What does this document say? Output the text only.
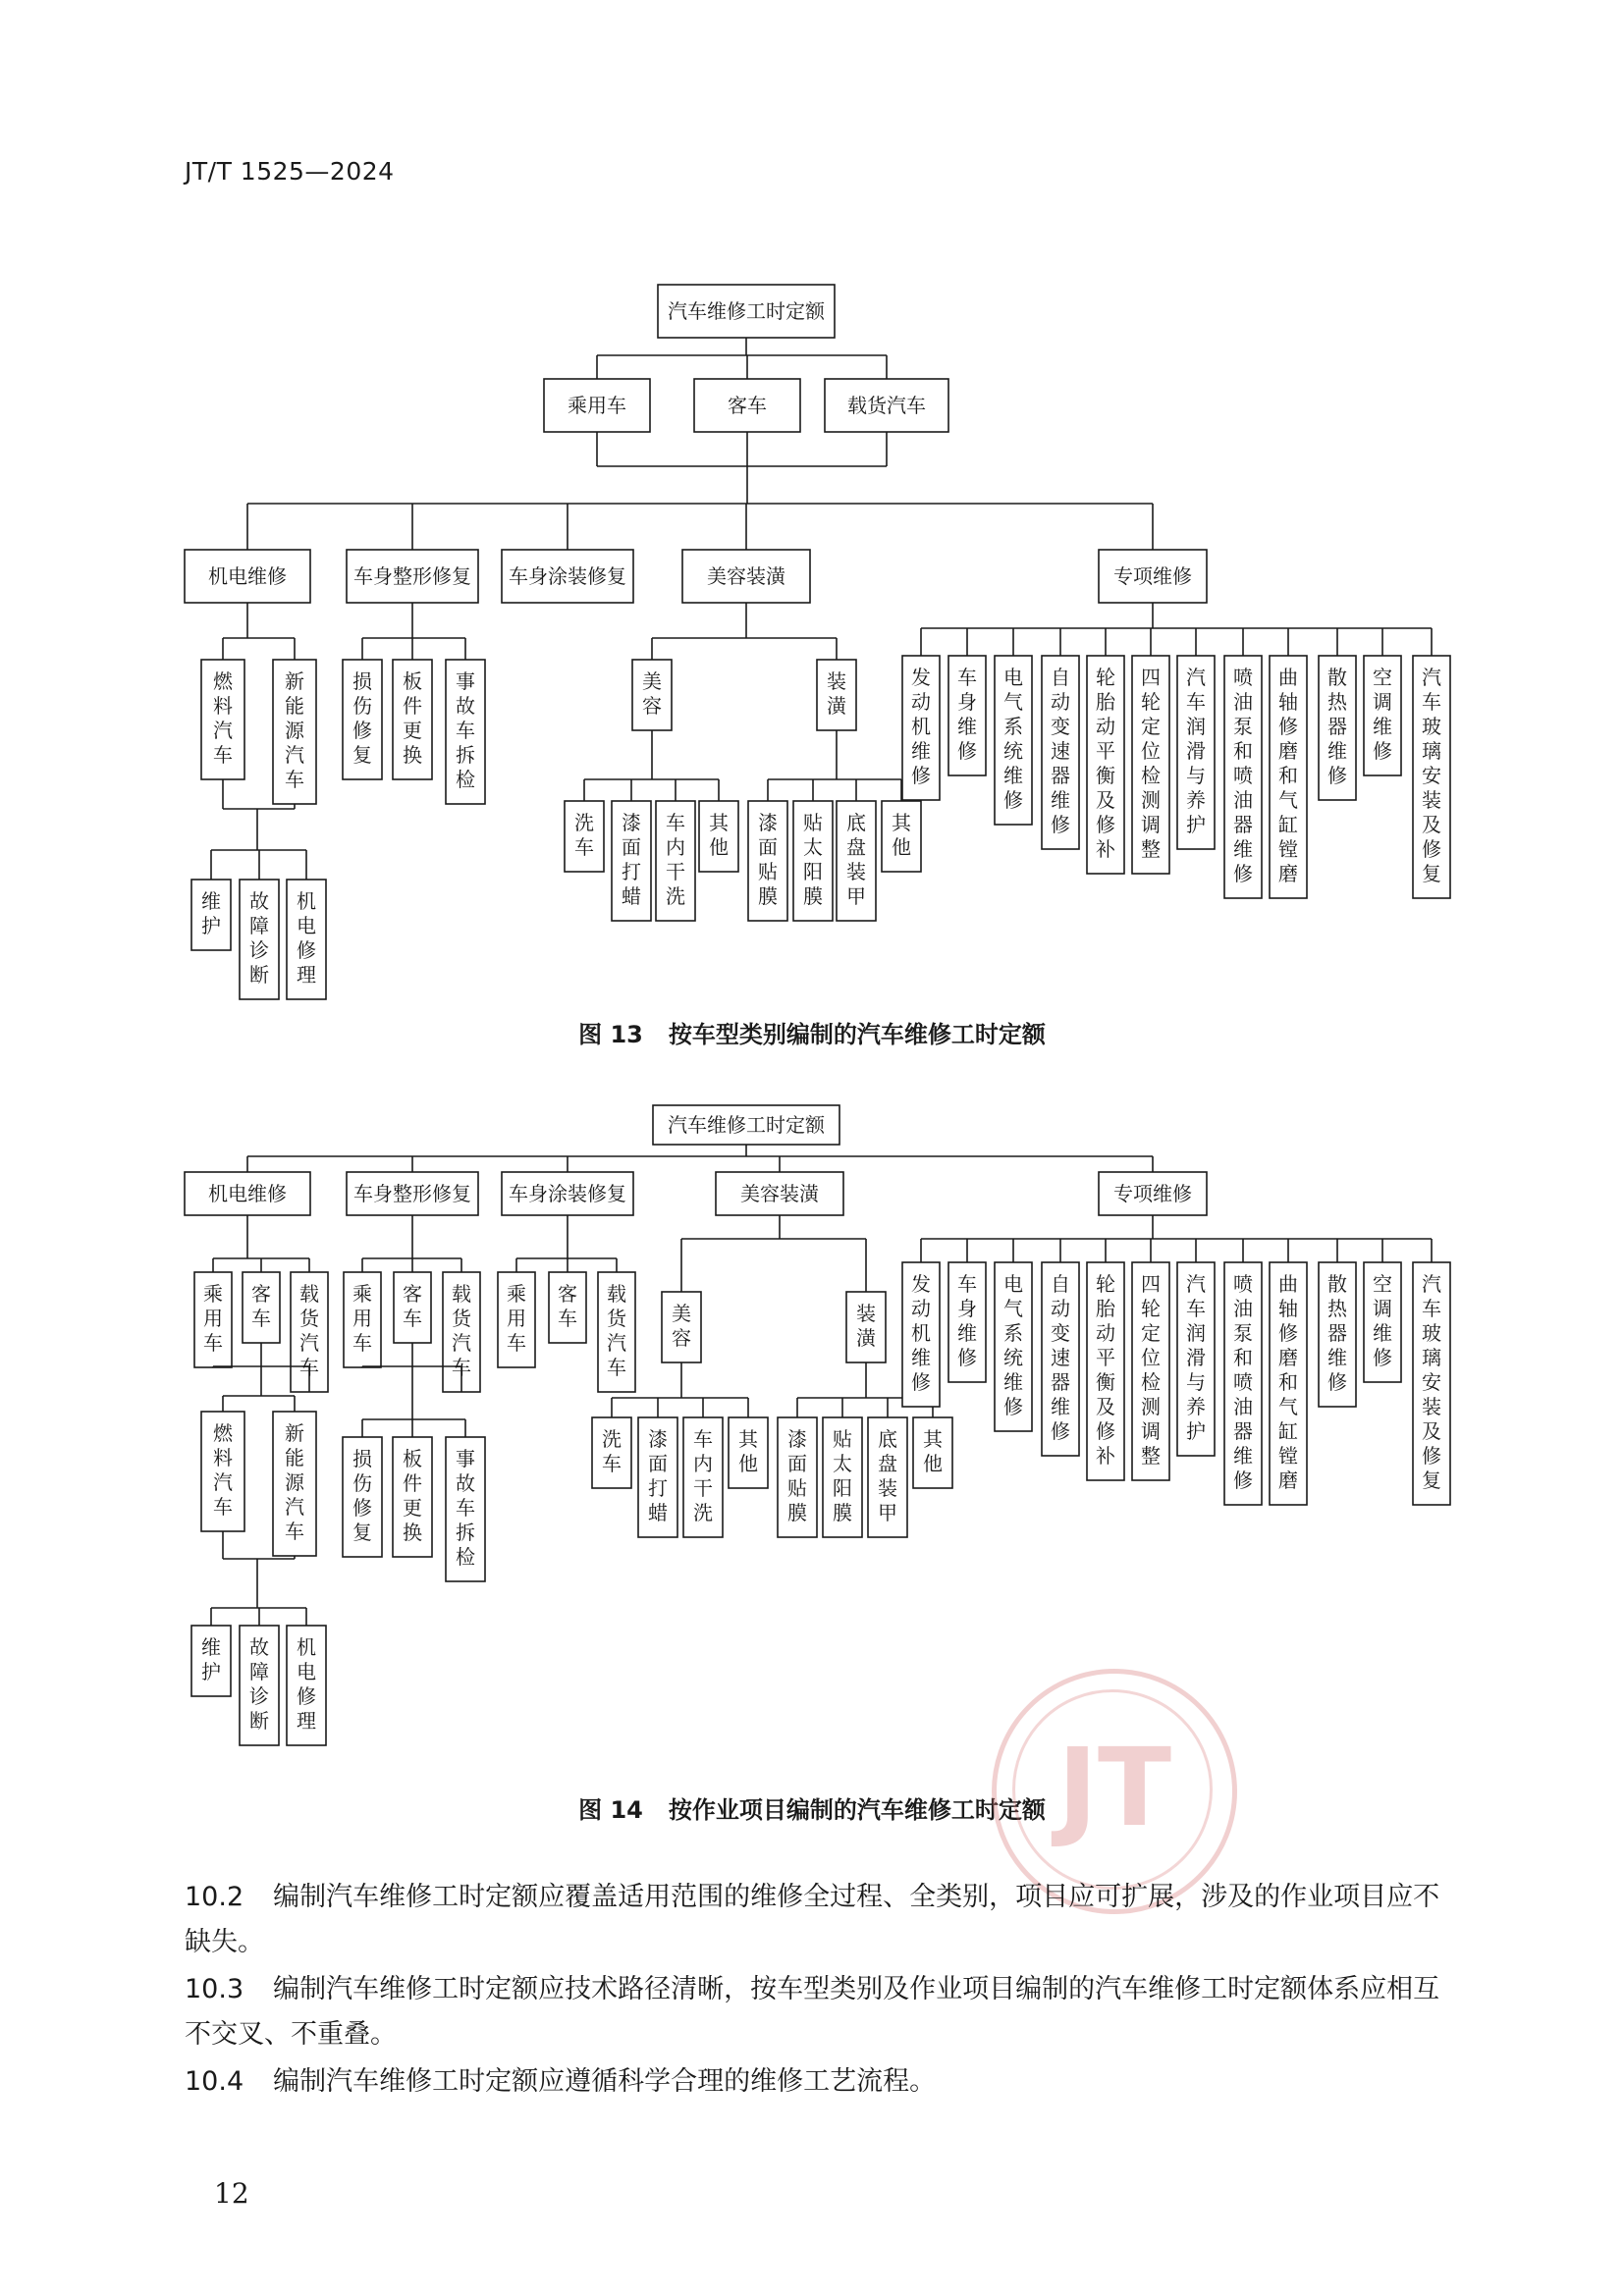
JT/T 1525—2024
汽车维修工时定额
乘用车	客车	载货汽车
机电维修	车身整形修复 车身涂装修复	美容装潢	专项维修
燃料汽车
新能源汽车
维护
故障诊断
机电修理
损伤修复
板件更换
事故车拆检
美容
装潢
洗车
漆面打蜡
车内干洗
其他
漆面贴膜
贴太阳膜
底盘装甲
其他
发动机维修
车身维修
电气系统维修
自动变速器维修
轮胎动平衡及修补
四轮定位检测调整
汽车润滑与养护
喷油泵和喷油器维修
曲轴修磨和气缸镗磨
散热器维修
空调维修
汽车玻璃安装及修复
图 13 按车型类别编制的汽车维修工时定额
汽车维修工时定额
机电维修	车身整形修复 车身涂装修复	美容装潢	专项维修
乘用车
客车
载货汽车
燃料汽车
新能源汽车
维护
故障诊断
机电修理
乘用车
客车
载货汽车
损伤修复
板件更换
事故车拆检
乘用车
客车
载货汽车
美容
装潢
洗车
漆面打蜡
车内干洗
其他
漆面贴膜
贴太阳膜
底盘装甲
其他
发动机维修
车身维修
电气系统维修
自动变速器维修
轮胎动平衡及修补
四轮定位检测调整
汽车润滑与养护
喷油泵和喷油器维修
曲轴修磨和气缸镗磨
散热器维修
空调维修
汽车玻璃安装及修复
图 14 按作业项目编制的汽车维修工时定额 JT
10.2 编制汽车维修工时定额应覆盖适用范围的维修全过程、全类别，项目应可扩展，涉及的作业项目应不缺失。
10.3 编制汽车维修工时定额应技术路径清晰，按车型类别及作业项目编制的汽车维修工时定额体系应相互不交叉、不重叠。
10.4 编制汽车维修工时定额应遵循科学合理的维修工艺流程。
12
